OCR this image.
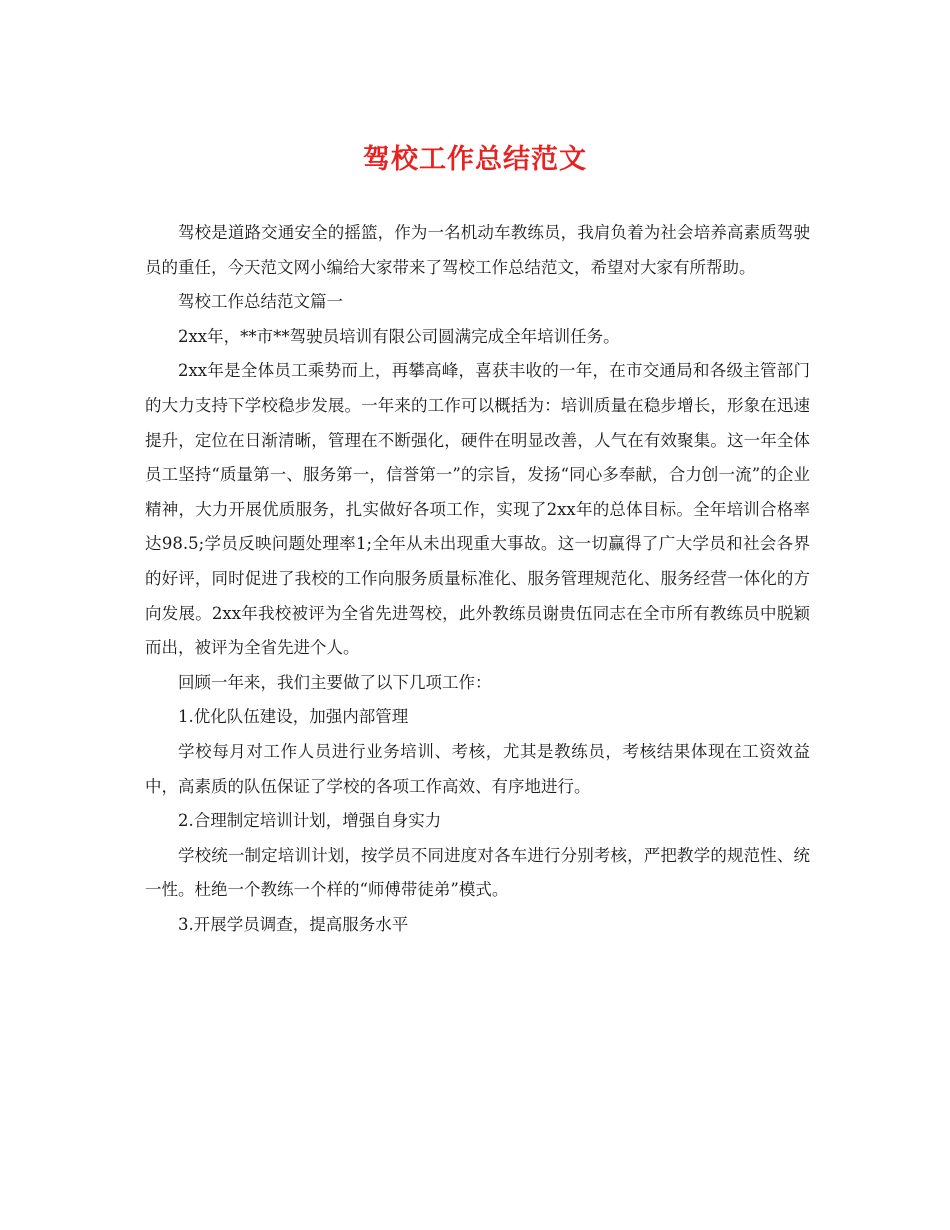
驾校工作总结范文

驾校是道路交通安全的摇篮，作为一名机动车教练员，我肩负着为社会培养高素质驾驶员的重任，今天范文网小编给大家带来了驾校工作总结范文，希望对大家有所帮助。

驾校工作总结范文篇一

2xx年，**市**驾驶员培训有限公司圆满完成全年培训任务。

2xx年是全体员工乘势而上，再攀高峰，喜获丰收的一年，在市交通局和各级主管部门的大力支持下学校稳步发展。一年来的工作可以概括为：培训质量在稳步增长，形象在迅速提升，定位在日渐清晰，管理在不断强化，硬件在明显改善，人气在有效聚集。这一年全体员工坚持“质量第一、服务第一，信誉第一”的宗旨，发扬“同心多奉献，合力创一流”的企业精神，大力开展优质服务，扎实做好各项工作，实现了2xx年的总体目标。全年培训合格率达98.5;学员反映问题处理率1;全年从未出现重大事故。这一切赢得了广大学员和社会各界的好评，同时促进了我校的工作向服务质量标准化、服务管理规范化、服务经营一体化的方向发展。2xx年我校被评为全省先进驾校，此外教练员谢贵伍同志在全市所有教练员中脱颖而出，被评为全省先进个人。

回顾一年来，我们主要做了以下几项工作：

1.优化队伍建设，加强内部管理

学校每月对工作人员进行业务培训、考核，尤其是教练员，考核结果体现在工资效益中，高素质的队伍保证了学校的各项工作高效、有序地进行。

2.合理制定培训计划，增强自身实力

学校统一制定培训计划，按学员不同进度对各车进行分别考核，严把教学的规范性、统一性。杜绝一个教练一个样的“师傅带徒弟”模式。

3.开展学员调查，提高服务水平
